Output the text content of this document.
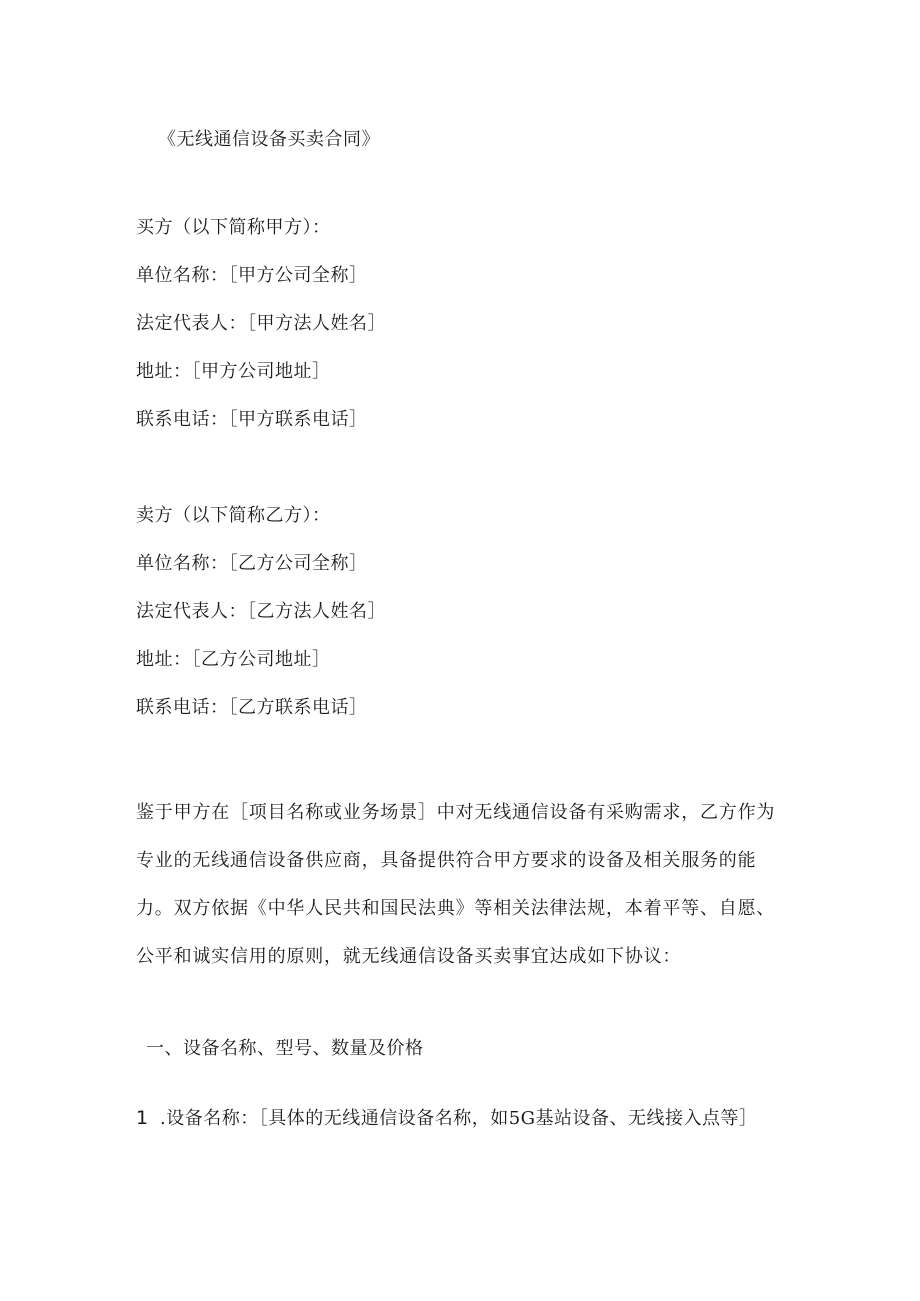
《无线通信设备买卖合同》
买方（以下简称甲方）：
单位名称：［甲方公司全称］
法定代表人：［甲方法人姓名］
地址：［甲方公司地址］
联系电话：［甲方联系电话］
卖方（以下简称乙方）：
单位名称：［乙方公司全称］
法定代表人：［乙方法人姓名］
地址：［乙方公司地址］
联系电话：［乙方联系电话］
鉴于甲方在［项目名称或业务场景］中对无线通信设备有采购需求，乙方作为
专业的无线通信设备供应商，具备提供符合甲方要求的设备及相关服务的能
力。双方依据《中华人民共和国民法典》等相关法律法规，本着平等、自愿、
公平和诚实信用的原则，就无线通信设备买卖事宜达成如下协议：
一、设备名称、型号、数量及价格
1 .设备名称：［具体的无线通信设备名称，如5G基站设备、无线接入点等］
